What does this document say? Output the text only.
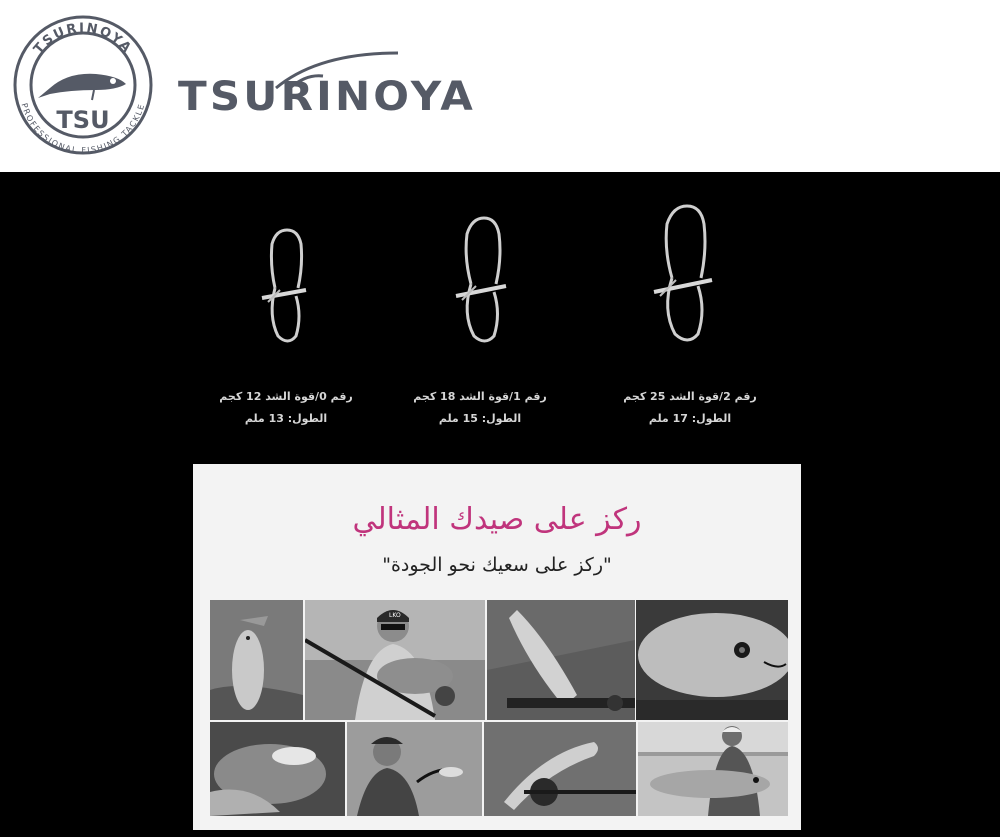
TSURINOYA
PROFESSIONAL FISHING TACKLE
TSU TSURINOYA
رقم 0/قوة الشد 12 كجم
الطول: 13 ملم
رقم 1/قوة الشد 18 كجم
الطول: 15 ملم
رقم 2/قوة الشد 25 كجم
الطول: 17 ملم
ركز على صيدك المثالي
"ركز على سعيك نحو الجودة"
LKO
